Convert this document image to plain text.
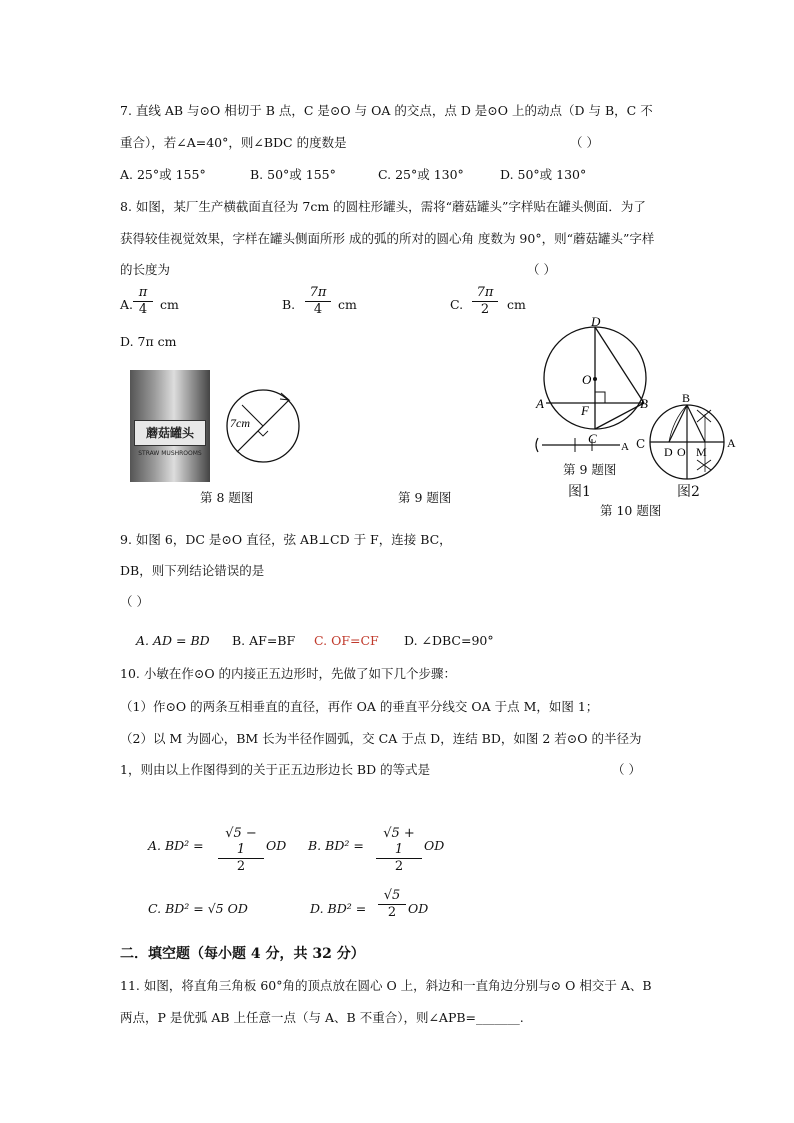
7. 直线 AB 与⊙O 相切于 B 点，C 是⊙O 与 OA 的交点，点 D 是⊙O 上的动点（D 与 B，C 不
重合），若∠A=40°，则∠BDC 的度数是	（ ）
A. 25°或 155°	B. 50°或 155°	C. 25°或 130°	D. 50°或 130°
8. 如图，某厂生产横截面直径为 7cm 的圆柱形罐头，需将“蘑菇罐头”字样贴在罐头侧面．为了
获得较佳视觉效果，字样在罐头侧面所形 成的弧的所对的圆心角 度数为 90°，则“蘑菇罐头”字样
的长度为	（ ）
A. $\frac{\pi}{4}$ cm	B. $\frac{7\pi}{4}$ cm	C. $\frac{7\pi}{2}$ cm
D. 7π cm
蘑菇罐头
STRAW MUSHROOMS
7cm
第 8 题图	第 9 题图
D
O
A	F	B
C
A
B
D O M
A
C
第 9 题图
图1	图2
第 10 题图
9. 如图 6，DC 是⊙O 直径，弦 AB⊥CD 于 F，连接 BC，
DB，则下列结论错误的是
（ ）
A. AD = BD B. AF=BF C. OF=CF D. ∠DBC=90°
10. 小敏在作⊙O 的内接正五边形时，先做了如下几个步骤：
（1）作⊙O 的两条互相垂直的直径，再作 OA 的垂直平分线交 OA 于点 M，如图 1；
（2）以 M 为圆心，BM 长为半径作圆弧，交 CA 于点 D，连结 BD，如图 2 若⊙O 的半径为
1，则由以上作图得到的关于正五边形边长 BD 的等式是	（ ）
A. $BD^2 = \frac{√5 - 1}{2}$ OD B. $BD^2 = \frac{√5 + 1}{2}$ OD
C. BD² = √5 OD	D. $BD^2 = \frac{√5}{2}$ OD
二．填空题（每小题 4 分，共 32 分）
11. 如图，将直角三角板 60°角的顶点放在圆心 O 上，斜边和一直角边分别与⊙ O 相交于 A、B
两点，P 是优弧 AB 上任意一点（与 A、B 不重合），则∠APB=_______.
